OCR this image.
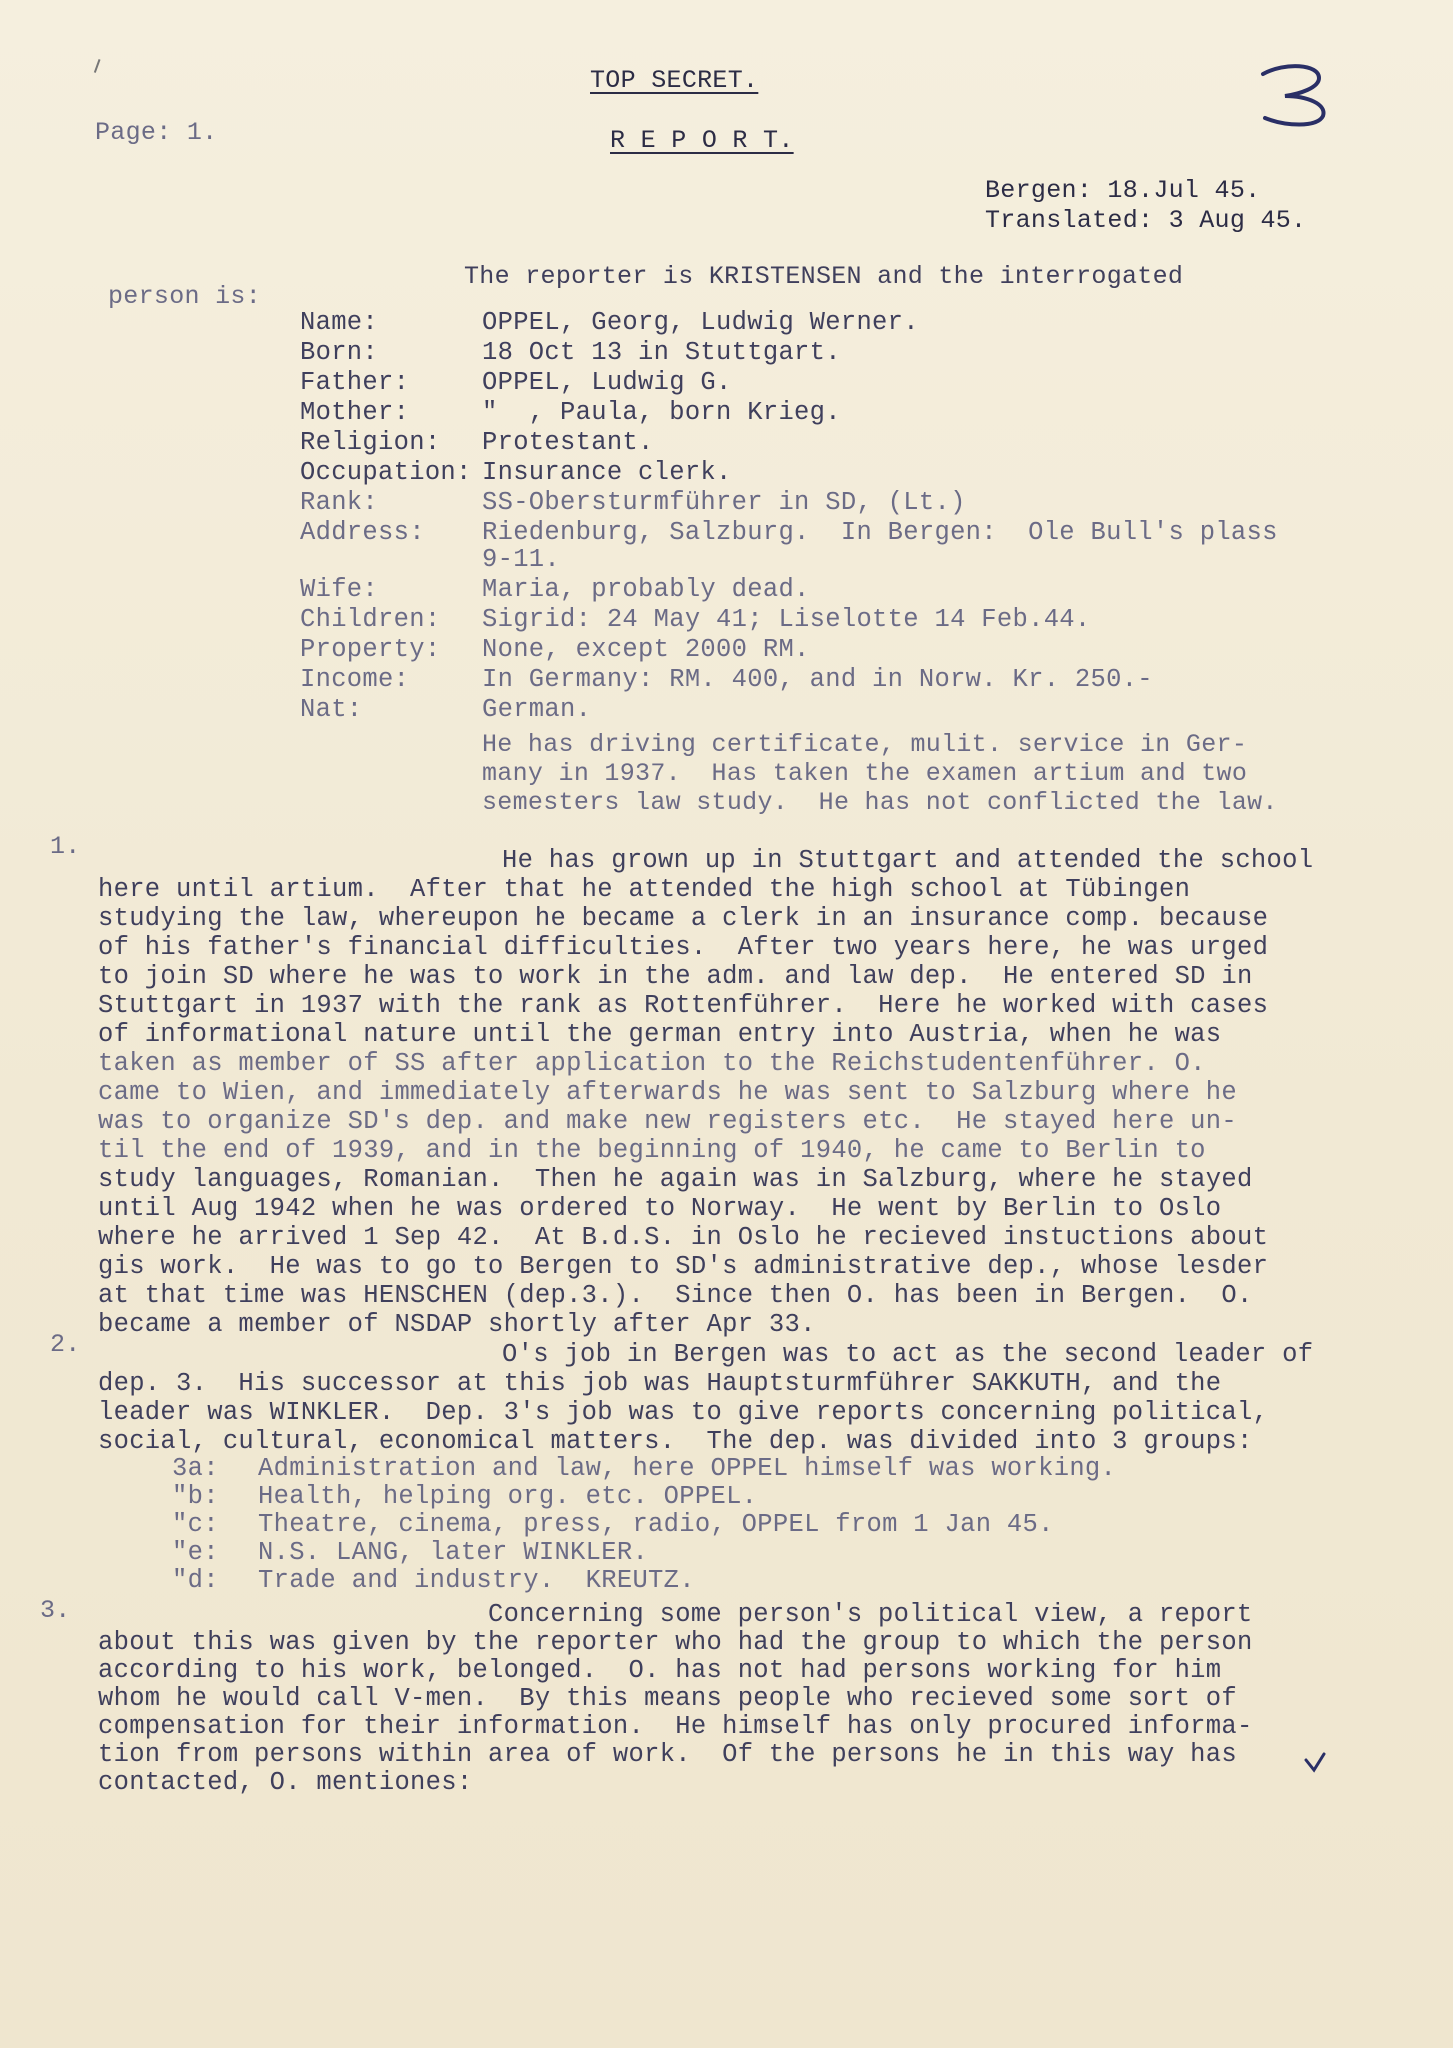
TOP SECRET.
Page: 1.	R E P O R T.
Bergen: 18.Jul 45.
Translated: 3 Aug 45.
The reporter is KRISTENSEN and the interrogated
person is:
Name:	OPPEL, Georg, Ludwig Werner.
Born:	18 Oct 13 in Stuttgart.
Father:	OPPEL, Ludwig G.
Mother:	"  , Paula, born Krieg.
Religion: Protestant.
Occupation: Insurance clerk.
Rank:	SS-Obersturmführer in SD, (Lt.)
Address: Riedenburg, Salzburg.  In Bergen:  Ole Bull's plass
9-11.
Wife:	Maria, probably dead.
Children: Sigrid: 24 May 41; Liselotte 14 Feb.44.
Property: None, except 2000 RM.
Income:	In Germany: RM. 400, and in Norw. Kr. 250.-
Nat:	German.
He has driving certificate, mulit. service in Ger-
many in 1937.  Has taken the examen artium and two
semesters law study.  He has not conflicted the law.
1.	He has grown up in Stuttgart and attended the school
here until artium.  After that he attended the high school at Tübingen
studying the law, whereupon he became a clerk in an insurance comp. because
of his father's financial difficulties.  After two years here, he was urged
to join SD where he was to work in the adm. and law dep.  He entered SD in
Stuttgart in 1937 with the rank as Rottenführer.  Here he worked with cases
of informational nature until the german entry into Austria, when he was
taken as member of SS after application to the Reichstudentenführer. O.
came to Wien, and immediately afterwards he was sent to Salzburg where he
was to organize SD's dep. and make new registers etc.  He stayed here un-
til the end of 1939, and in the beginning of 1940, he came to Berlin to
study languages, Romanian.  Then he again was in Salzburg, where he stayed
until Aug 1942 when he was ordered to Norway.  He went by Berlin to Oslo
where he arrived 1 Sep 42.  At B.d.S. in Oslo he recieved instuctions about
gis work.  He was to go to Bergen to SD's administrative dep., whose lesder
at that time was HENSCHEN (dep.3.).  Since then O. has been in Bergen.  O.
became a member of NSDAP shortly after Apr 33.
2.	O's job in Bergen was to act as the second leader of
dep. 3.  His successor at this job was Hauptsturmführer SAKKUTH, and the
leader was WINKLER.  Dep. 3's job was to give reports concerning political,
social, cultural, economical matters.  The dep. was divided into 3 groups:
3a: Administration and law, here OPPEL himself was working.
"b: Health, helping org. etc. OPPEL.
"c: Theatre, cinema, press, radio, OPPEL from 1 Jan 45.
"e: N.S. LANG, later WINKLER.
"d: Trade and industry.  KREUTZ.
3.	Concerning some person's political view, a report
about this was given by the reporter who had the group to which the person
according to his work, belonged.  O. has not had persons working for him
whom he would call V-men.  By this means people who recieved some sort of
compensation for their information.  He himself has only procured informa-
tion from persons within area of work.  Of the persons he in this way has
contacted, O. mentiones:
